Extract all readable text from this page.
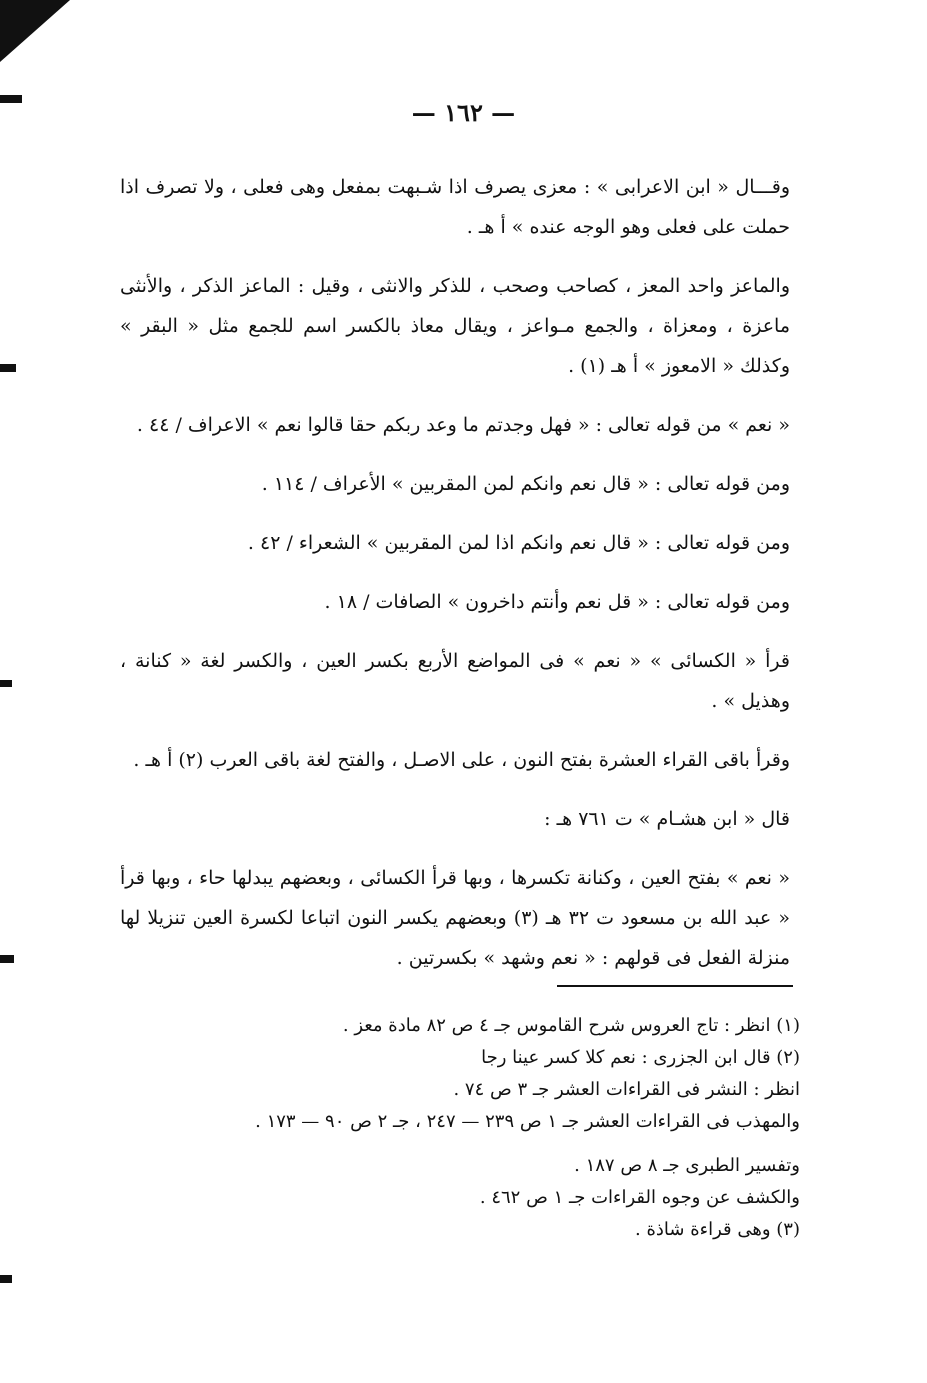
— ١٦٢ —

وقـــال « ابن الاعرابى » : معزى يصرف اذا شـبهت بمفعل وهى فعلى ، ولا تصرف اذا حملت على فعلى وهو الوجه عنده » أ هـ .

والماعز واحد المعز ، كصاحب وصحب ، للذكر والانثى ، وقيل : الماعز الذكر ، والأنثى ماعزة ، ومعزاة ، والجمع مـواعز ، ويقال معاذ بالكسر اسم للجمع مثل « البقر » وكذلك « الامعوز » أ هـ (١) .

« نعم » من قوله تعالى : « فهل وجدتم ما وعد ربكم حقا قالوا نعم » الاعراف / ٤٤ .

ومن قوله تعالى : « قال نعم وانكم لمن المقربين » الأعراف / ١١٤ .

ومن قوله تعالى : « قال نعم وانكم اذا لمن المقربين » الشعراء / ٤٢ .

ومن قوله تعالى : « قل نعم وأنتم داخرون » الصافات / ١٨ .

قرأ « الكسائى » « نعم » فى المواضع الأربع بكسر العين ، والكسر لغة « كنانة ، وهذيل » .

وقرأ باقى القراء العشرة بفتح النون ، على الاصـل ، والفتح لغة باقى العرب (٢) أ هـ .

قال « ابن هشـام » ت ٧٦١ هـ :

« نعم » بفتح العين ، وكنانة تكسرها ، وبها قرأ الكسائى ، وبعضهم يبدلها حاء ، وبها قرأ « عبد الله بن مسعود ت ٣٢ هـ (٣) وبعضهم يكسر النون اتباعا لكسرة العين تنزيلا لها منزلة الفعل فى قولهم : « نعم وشهد » بكسرتين .

(١) انظر : تاج العروس شرح القاموس جـ ٤ ص ٨٢ مادة معز .
(٢) قال ابن الجزرى : نعم كلا كسر عينا رجا
انظر : النشر فى القراءات العشر جـ ٣ ص ٧٤ .
والمهذب فى القراءات العشر جـ ١ ص ٢٣٩ — ٢٤٧ ، جـ ٢ ص ٩٠ — ١٧٣ .
وتفسير الطبرى جـ ٨ ص ١٨٧ .
والكشف عن وجوه القراءات جـ ١ ص ٤٦٢ .
(٣) وهى قراءة شاذة .
